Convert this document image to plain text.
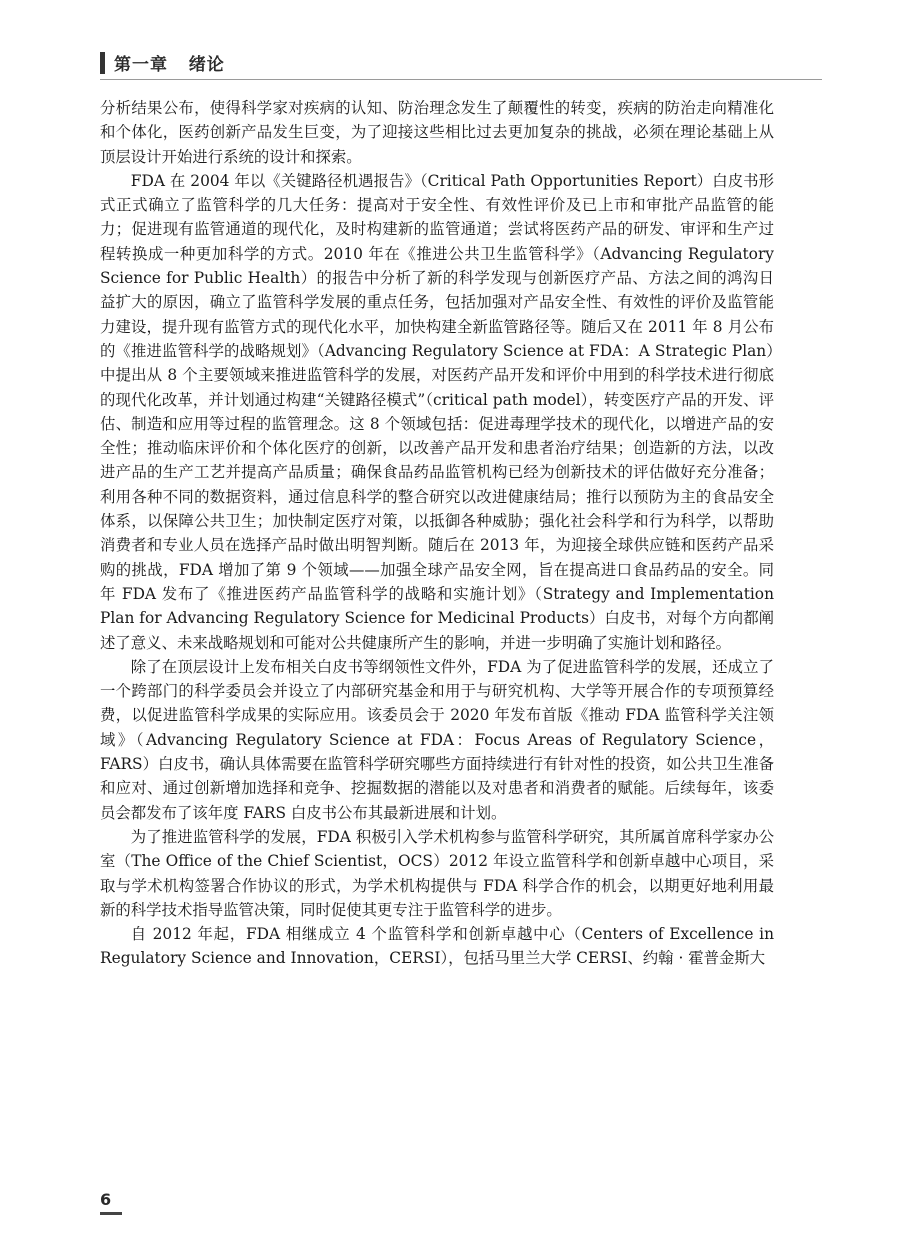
第一章 绪论

分析结果公布，使得科学家对疾病的认知、防治理念发生了颠覆性的转变，疾病的防治走向精准化和个体化，医药创新产品发生巨变，为了迎接这些相比过去更加复杂的挑战，必须在理论基础上从顶层设计开始进行系统的设计和探索。

FDA 在 2004 年以《关键路径机遇报告》（Critical Path Opportunities Report）白皮书形式正式确立了监管科学的几大任务：提高对于安全性、有效性评价及已上市和审批产品监管的能力；促进现有监管通道的现代化，及时构建新的监管通道；尝试将医药产品的研发、审评和生产过程转换成一种更加科学的方式。2010 年在《推进公共卫生监管科学》（Advancing Regulatory Science for Public Health）的报告中分析了新的科学发现与创新医疗产品、方法之间的鸿沟日益扩大的原因，确立了监管科学发展的重点任务，包括加强对产品安全性、有效性的评价及监管能力建设，提升现有监管方式的现代化水平，加快构建全新监管路径等。随后又在 2011 年 8 月公布的《推进监管科学的战略规划》（Advancing Regulatory Science at FDA：A Strategic Plan）中提出从 8 个主要领域来推进监管科学的发展，对医药产品开发和评价中用到的科学技术进行彻底的现代化改革，并计划通过构建“关键路径模式”（critical path model），转变医疗产品的开发、评估、制造和应用等过程的监管理念。这 8 个领域包括：促进毒理学技术的现代化，以增进产品的安全性；推动临床评价和个体化医疗的创新，以改善产品开发和患者治疗结果；创造新的方法，以改进产品的生产工艺并提高产品质量；确保食品药品监管机构已经为创新技术的评估做好充分准备；利用各种不同的数据资料，通过信息科学的整合研究以改进健康结局；推行以预防为主的食品安全体系，以保障公共卫生；加快制定医疗对策，以抵御各种威胁；强化社会科学和行为科学，以帮助消费者和专业人员在选择产品时做出明智判断。随后在 2013 年，为迎接全球供应链和医药产品采购的挑战，FDA 增加了第 9 个领域——加强全球产品安全网，旨在提高进口食品药品的安全。同年 FDA 发布了《推进医药产品监管科学的战略和实施计划》（Strategy and Implementation Plan for Advancing Regulatory Science for Medicinal Products）白皮书，对每个方向都阐述了意义、未来战略规划和可能对公共健康所产生的影响，并进一步明确了实施计划和路径。

除了在顶层设计上发布相关白皮书等纲领性文件外，FDA 为了促进监管科学的发展，还成立了一个跨部门的科学委员会并设立了内部研究基金和用于与研究机构、大学等开展合作的专项预算经费，以促进监管科学成果的实际应用。该委员会于 2020 年发布首版《推动 FDA 监管科学关注领域》（Advancing Regulatory Science at FDA：Focus Areas of Regulatory Science，FARS）白皮书，确认具体需要在监管科学研究哪些方面持续进行有针对性的投资，如公共卫生准备和应对、通过创新增加选择和竞争、挖掘数据的潜能以及对患者和消费者的赋能。后续每年，该委员会都发布了该年度 FARS 白皮书公布其最新进展和计划。

为了推进监管科学的发展，FDA 积极引入学术机构参与监管科学研究，其所属首席科学家办公室（The Office of the Chief Scientist，OCS）2012 年设立监管科学和创新卓越中心项目，采取与学术机构签署合作协议的形式，为学术机构提供与 FDA 科学合作的机会，以期更好地利用最新的科学技术指导监管决策，同时促使其更专注于监管科学的进步。

自 2012 年起，FDA 相继成立 4 个监管科学和创新卓越中心（Centers of Excellence in Regulatory Science and Innovation，CERSI），包括马里兰大学 CERSI、约翰 · 霍普金斯大

6
